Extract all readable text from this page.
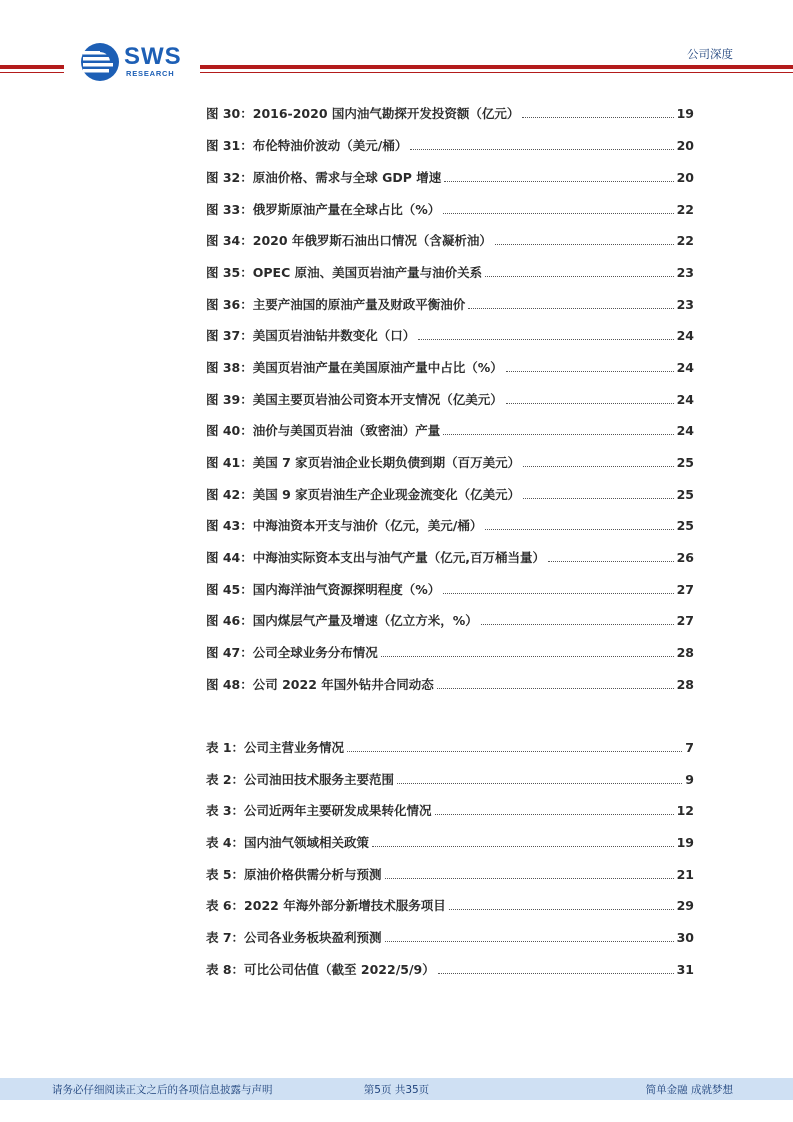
SWS
RESEARCH
公司深度
图 30：2016-2020 国内油气勘探开发投资额（亿元）	19
图 31：布伦特油价波动（美元/桶）	20
图 32：原油价格、需求与全球 GDP 增速	20
图 33：俄罗斯原油产量在全球占比（%）	22
图 34：2020 年俄罗斯石油出口情况（含凝析油）	22
图 35：OPEC 原油、美国页岩油产量与油价关系	23
图 36：主要产油国的原油产量及财政平衡油价	23
图 37：美国页岩油钻井数变化（口）	24
图 38：美国页岩油产量在美国原油产量中占比（%）	24
图 39：美国主要页岩油公司资本开支情况（亿美元）	24
图 40：油价与美国页岩油（致密油）产量	24
图 41：美国 7 家页岩油企业长期负债到期（百万美元）	25
图 42：美国 9 家页岩油生产企业现金流变化（亿美元）	25
图 43：中海油资本开支与油价（亿元，美元/桶）	25
图 44：中海油实际资本支出与油气产量（亿元,百万桶当量）	26
图 45：国内海洋油气资源探明程度（%）	27
图 46：国内煤层气产量及增速（亿立方米，%）	27
图 47：公司全球业务分布情况	28
图 48：公司 2022 年国外钻井合同动态	28
表 1：公司主营业务情况	7
表 2：公司油田技术服务主要范围	9
表 3：公司近两年主要研发成果转化情况	12
表 4：国内油气领域相关政策	19
表 5：原油价格供需分析与预测	21
表 6：2022 年海外部分新增技术服务项目	29
表 7：公司各业务板块盈利预测	30
表 8：可比公司估值（截至 2022/5/9）	31
请务必仔细阅读正文之后的各项信息披露与声明	第5页 共35页	简单金融 成就梦想
